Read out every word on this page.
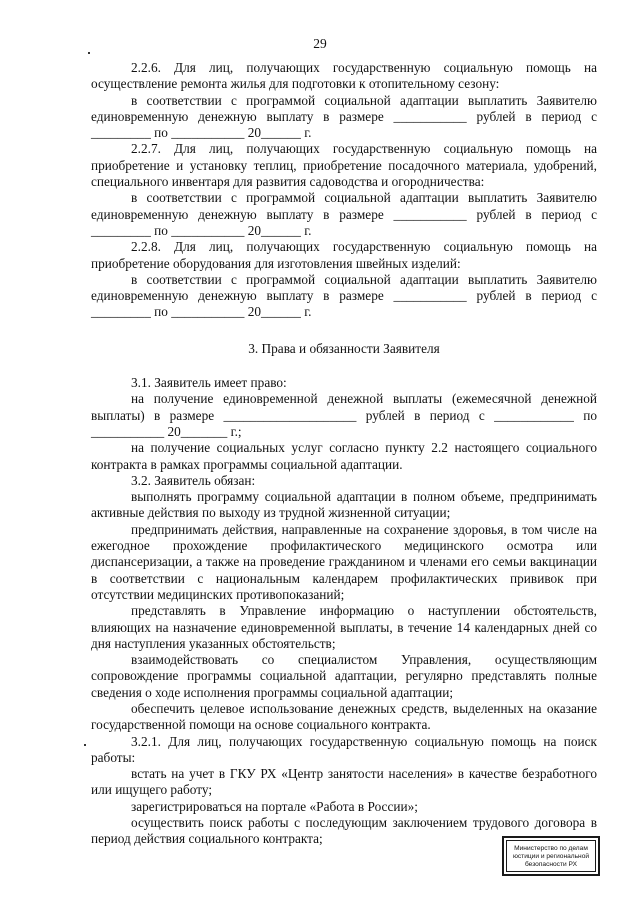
29

2.2.6. Для лиц, получающих государственную социальную помощь на осуществление ремонта жилья для подготовки к отопительному сезону:

в соответствии с программой социальной адаптации выплатить Заявителю единовременную денежную выплату в размере ___________ рублей в период с _________ по ___________ 20______ г.

2.2.7. Для лиц, получающих государственную социальную помощь на приобретение и установку теплиц, приобретение посадочного материала, удобрений, специального инвентаря для развития садоводства и огородничества:

в соответствии с программой социальной адаптации выплатить Заявителю единовременную денежную выплату в размере ___________ рублей в период с _________ по ___________ 20______ г.

2.2.8. Для лиц, получающих государственную социальную помощь на приобретение оборудования для изготовления швейных изделий:

в соответствии с программой социальной адаптации выплатить Заявителю единовременную денежную выплату в размере ___________ рублей в период с _________ по ___________ 20______ г.

3. Права и обязанности Заявителя

3.1. Заявитель имеет право:

на получение единовременной денежной выплаты (ежемесячной денежной выплаты) в размере ____________________ рублей в период с ____________ по ___________ 20_______ г.;

на получение социальных услуг согласно пункту 2.2 настоящего социального контракта в рамках программы социальной адаптации.

3.2. Заявитель обязан:

выполнять программу социальной адаптации в полном объеме, предпринимать активные действия по выходу из трудной жизненной ситуации;

предпринимать действия, направленные на сохранение здоровья, в том числе на ежегодное прохождение профилактического медицинского осмотра или диспансеризации, а также на проведение гражданином и членами его семьи вакцинации в соответствии с национальным календарем профилактических прививок при отсутствии медицинских противопоказаний;

представлять в Управление информацию о наступлении обстоятельств, влияющих на назначение единовременной выплаты, в течение 14 календарных дней со дня наступления указанных обстоятельств;

взаимодействовать со специалистом Управления, осуществляющим сопровождение программы социальной адаптации, регулярно представлять полные сведения о ходе исполнения программы социальной адаптации;

обеспечить целевое использование денежных средств, выделенных на оказание государственной помощи на основе социального контракта.

3.2.1. Для лиц, получающих государственную социальную помощь на поиск работы:

встать на учет в ГКУ РХ «Центр занятости населения» в качестве безработного или ищущего работу;

зарегистрироваться на портале «Работа в России»;

осуществить поиск работы с последующим заключением трудового договора в период действия социального контракта;

Министерство по делам
юстиции и региональной
безопасности РХ
